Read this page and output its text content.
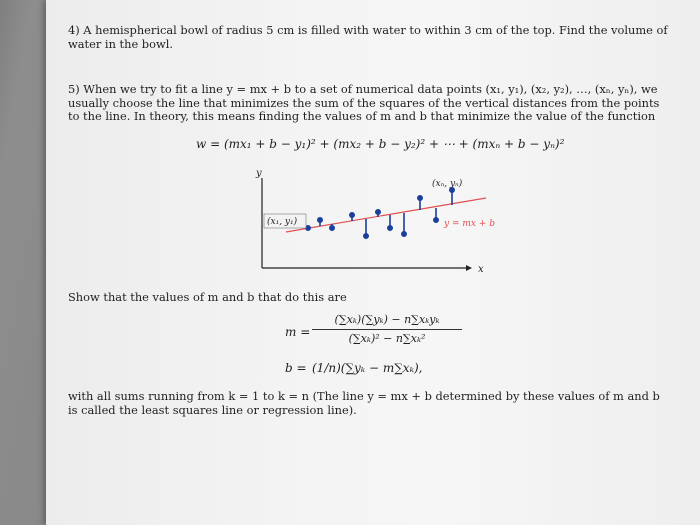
4) A hemispherical bowl of radius 5 cm is filled with water to within 3 cm of the top. Find the volume of water in the bowl.

5) When we try to fit a line y = mx + b to a set of numerical data points (x₁, y₁), (x₂, y₂), …, (xₙ, yₙ), we usually choose the line that minimizes the sum of the squares of the vertical distances from the points to the line. In theory, this means finding the values of m and b that minimize the value of the function

w = (mx₁ + b − y₁)² + (mx₂ + b − y₂)² + ⋯ + (mxₙ + b − yₙ)²
y
x
y = mx + b
(x₁, y₁)
(xₙ, yₙ)

Show that the values of m and b that do this are

m =
(∑xₖ)(∑yₖ) − n∑xₖyₖ
(∑xₖ)² − n∑xₖ²
b = (1/n)(∑yₖ − m∑xₖ),

with all sums running from k = 1 to k = n (The line y = mx + b determined by these values of m and b is called the least squares line or regression line).
